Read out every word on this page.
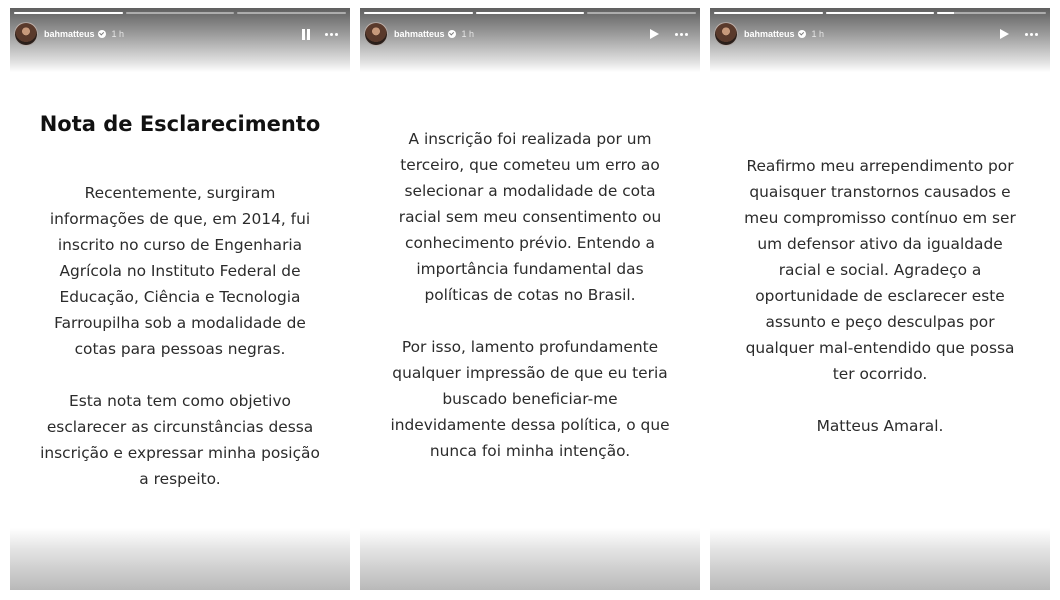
bahmatteus 1 h

Nota de Esclarecimento

Recentemente, surgiram
informações de que, em 2014, fui
inscrito no curso de Engenharia
Agrícola no Instituto Federal de
Educação, Ciência e Tecnologia
Farroupilha sob a modalidade de
cotas para pessoas negras.

Esta nota tem como objetivo
esclarecer as circunstâncias dessa
inscrição e expressar minha posição
a respeito.

bahmatteus 1 h

A inscrição foi realizada por um
terceiro, que cometeu um erro ao
selecionar a modalidade de cota
racial sem meu consentimento ou
conhecimento prévio. Entendo a
importância fundamental das
políticas de cotas no Brasil.

Por isso, lamento profundamente
qualquer impressão de que eu teria
buscado beneficiar-me
indevidamente dessa política, o que
nunca foi minha intenção.

bahmatteus 1 h

Reafirmo meu arrependimento por
quaisquer transtornos causados e
meu compromisso contínuo em ser
um defensor ativo da igualdade
racial e social. Agradeço a
oportunidade de esclarecer este
assunto e peço desculpas por
qualquer mal-entendido que possa
ter ocorrido.

Matteus Amaral.
